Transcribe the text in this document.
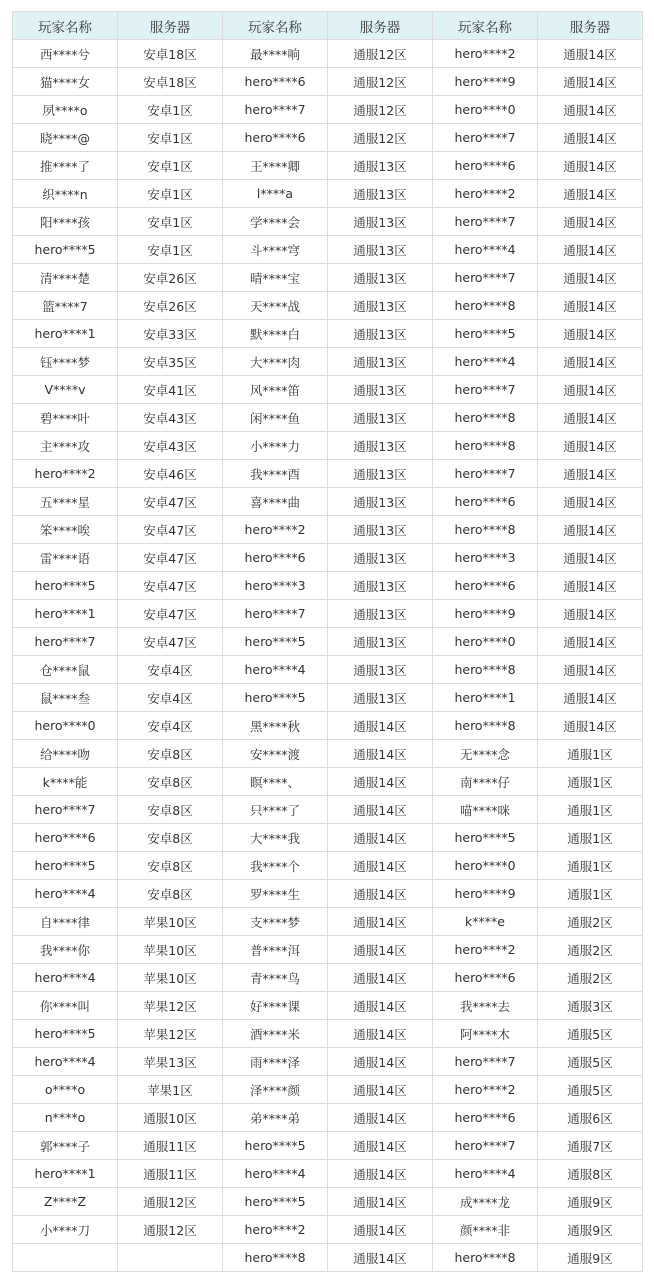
玩家名称	服务器	玩家名称	服务器	玩家名称	服务器
西****兮	安卓18区	最****响	通服12区	hero****2	通服14区
猫****女	安卓18区	hero****6	通服12区	hero****9	通服14区
夙****o	安卓1区	hero****7	通服12区	hero****0	通服14区
晓****@	安卓1区	hero****6	通服12区	hero****7	通服14区
推****了	安卓1区	王****卿	通服13区	hero****6	通服14区
织****n	安卓1区	l****a	通服13区	hero****2	通服14区
阳****孩	安卓1区	学****会	通服13区	hero****7	通服14区
hero****5	安卓1区	斗****穹	通服13区	hero****4	通服14区
清****楚	安卓26区	晴****宝	通服13区	hero****7	通服14区
篮****7	安卓26区	天****战	通服13区	hero****8	通服14区
hero****1	安卓33区	默****白	通服13区	hero****5	通服14区
钰****梦	安卓35区	大****肉	通服13区	hero****4	通服14区
V****v	安卓41区	风****笛	通服13区	hero****7	通服14区
碧****叶	安卓43区	闲****鱼	通服13区	hero****8	通服14区
主****攻	安卓43区	小****力	通服13区	hero****8	通服14区
hero****2	安卓46区	我****酉	通服13区	hero****7	通服14区
五****星	安卓47区	喜****曲	通服13区	hero****6	通服14区
笨****唉	安卓47区	hero****2	通服13区	hero****8	通服14区
雷****语	安卓47区	hero****6	通服13区	hero****3	通服14区
hero****5	安卓47区	hero****3	通服13区	hero****6	通服14区
hero****1	安卓47区	hero****7	通服13区	hero****9	通服14区
hero****7	安卓47区	hero****5	通服13区	hero****0	通服14区
仓****鼠	安卓4区	hero****4	通服13区	hero****8	通服14区
鼠****叁	安卓4区	hero****5	通服13区	hero****1	通服14区
hero****0	安卓4区	黑****秋	通服14区	hero****8	通服14区
给****吻	安卓8区	安****渡	通服14区	无****念	通服1区
k****能	安卓8区	瞑****、	通服14区	南****仔	通服1区
hero****7	安卓8区	只****了	通服14区	喵****咪	通服1区
hero****6	安卓8区	大****我	通服14区	hero****5	通服1区
hero****5	安卓8区	我****个	通服14区	hero****0	通服1区
hero****4	安卓8区	罗****生	通服14区	hero****9	通服1区
自****律	苹果10区	支****梦	通服14区	k****e	通服2区
我****你	苹果10区	普****洱	通服14区	hero****2	通服2区
hero****4	苹果10区	青****鸟	通服14区	hero****6	通服2区
你****叫	苹果12区	好****课	通服14区	我****去	通服3区
hero****5	苹果12区	酒****米	通服14区	阿****木	通服5区
hero****4	苹果13区	雨****泽	通服14区	hero****7	通服5区
o****o	苹果1区	泽****颜	通服14区	hero****2	通服5区
n****o	通服10区	弟****弟	通服14区	hero****6	通服6区
郭****子	通服11区	hero****5	通服14区	hero****7	通服7区
hero****1	通服11区	hero****4	通服14区	hero****4	通服8区
Z****Z	通服12区	hero****5	通服14区	成****龙	通服9区
小****刀	通服12区	hero****2	通服14区	颜****非	通服9区
		hero****8	通服14区	hero****8	通服9区
